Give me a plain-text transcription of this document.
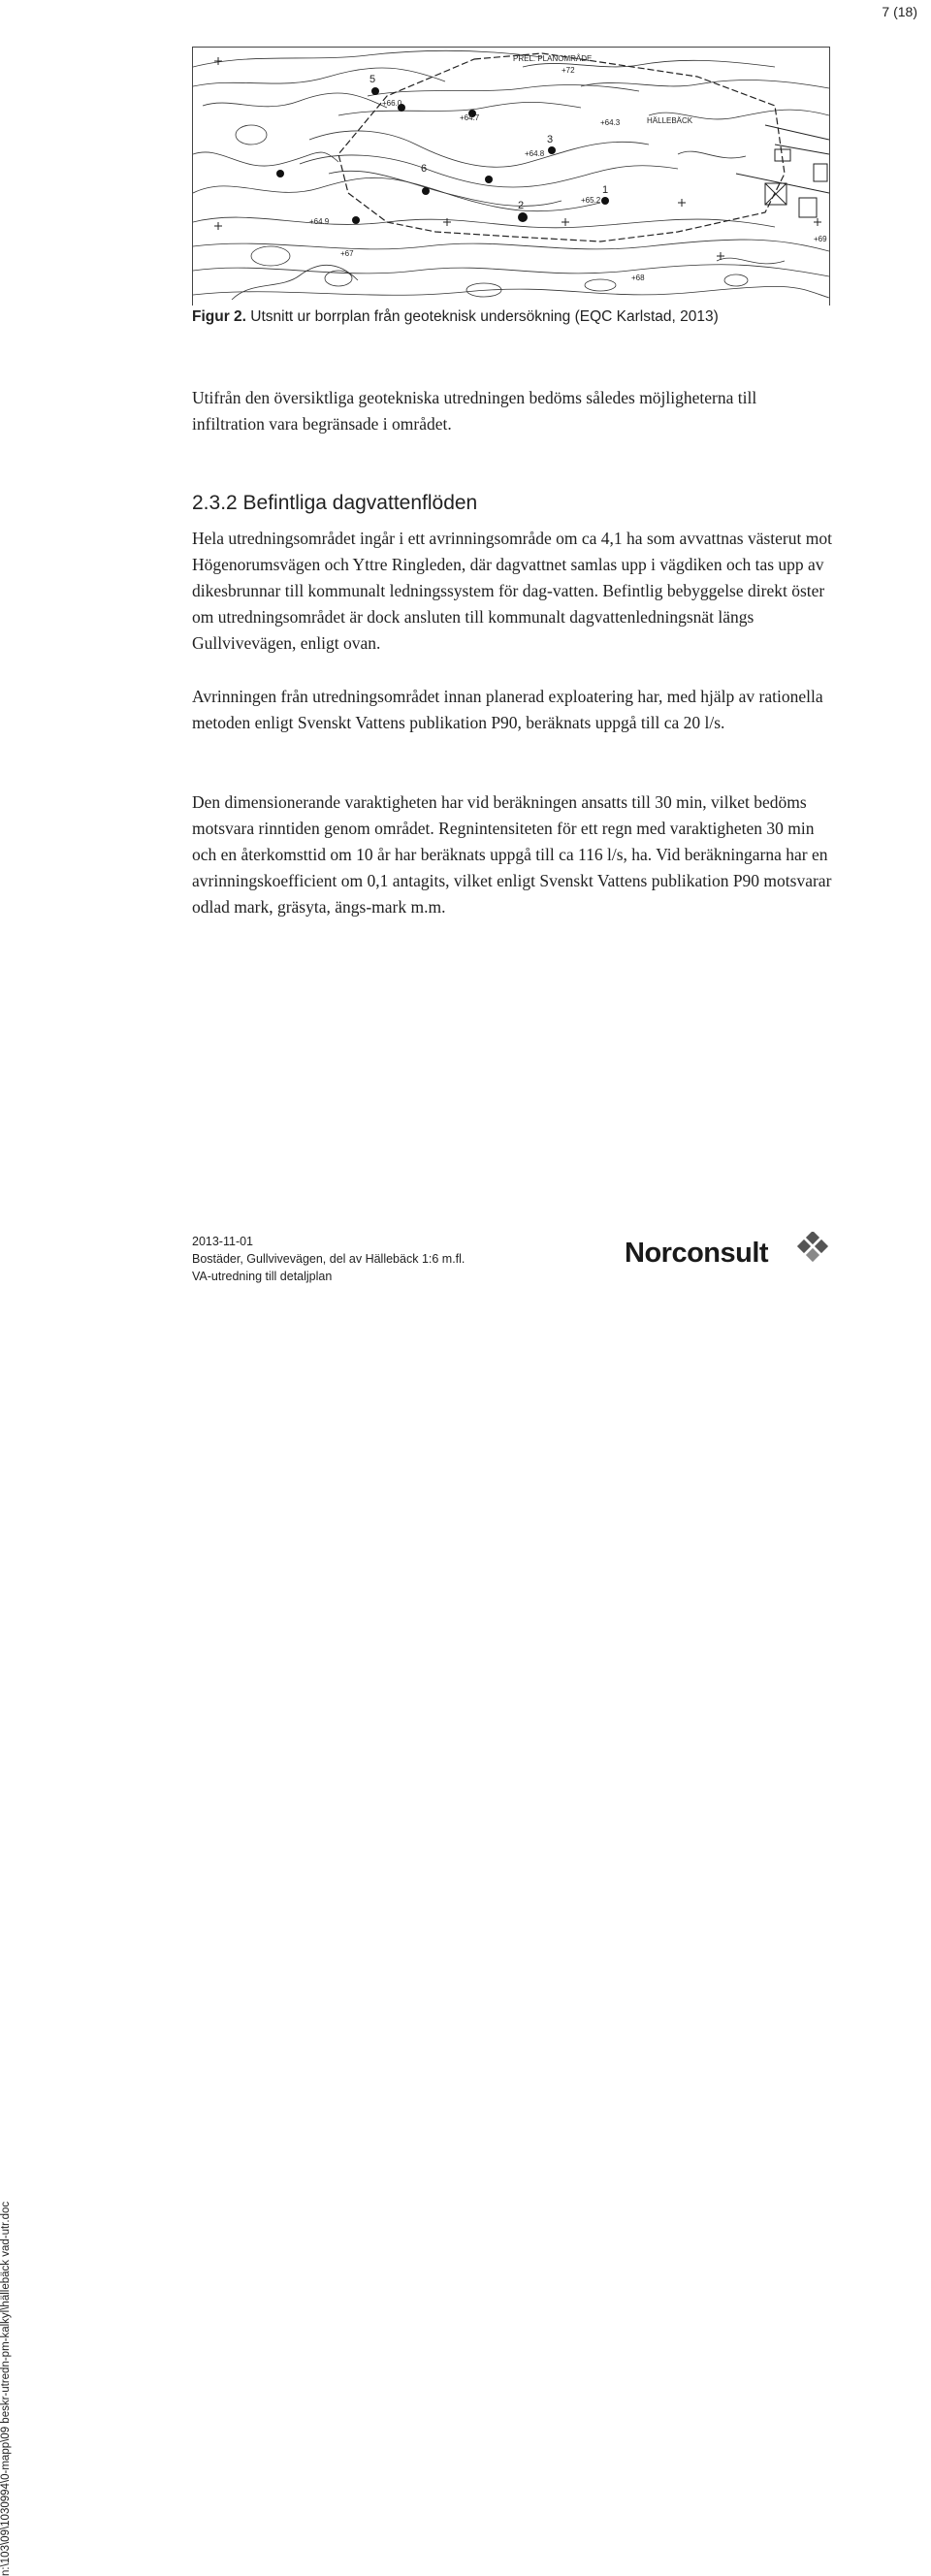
7 (18)
n:\103\09\1030994\0-mapp\09 beskr-utredn-pm-kalkyl\hällebäck vad-utr.doc
PREL. PLANOMRÅDE
+72
HÄLLEBÄCK
+66.0
+64.7
+64.3
+64.8
+65.2
+64.9
+67
+68
+69
1
2
3
5
6
Figur 2. Utsnitt ur borrplan från geoteknisk undersökning (EQC Karlstad, 2013)
Utifrån den översiktliga geotekniska utredningen bedöms således möjligheterna till infiltration vara begränsade i området.
2.3.2 Befintliga dagvattenflöden
Hela utredningsområdet ingår i ett avrinningsområde om ca 4,1 ha som avvattnas västerut mot Högenorumsvägen och Yttre Ringleden, där dagvattnet samlas upp i vägdiken och tas upp av dikesbrunnar till kommunalt ledningssystem för dag-vatten. Befintlig bebyggelse direkt öster om utredningsområdet är dock ansluten till kommunalt dagvattenledningsnät längs Gullvivevägen, enligt ovan.
Avrinningen från utredningsområdet innan planerad exploatering har, med hjälp av rationella metoden enligt Svenskt Vattens publikation P90, beräknats uppgå till ca 20 l/s.
Den dimensionerande varaktigheten har vid beräkningen ansatts till 30 min, vilket bedöms motsvara rinntiden genom området. Regnintensiteten för ett regn med varaktigheten 30 min och en återkomsttid om 10 år har beräknats uppgå till ca 116 l/s, ha. Vid beräkningarna har en avrinningskoefficient om 0,1 antagits, vilket enligt Svenskt Vattens publikation P90 motsvarar odlad mark, gräsyta, ängs-mark m.m.
2013-11-01
Bostäder, Gullvivevägen, del av Hällebäck 1:6 m.fl.
VA-utredning till detaljplan
Norconsult
